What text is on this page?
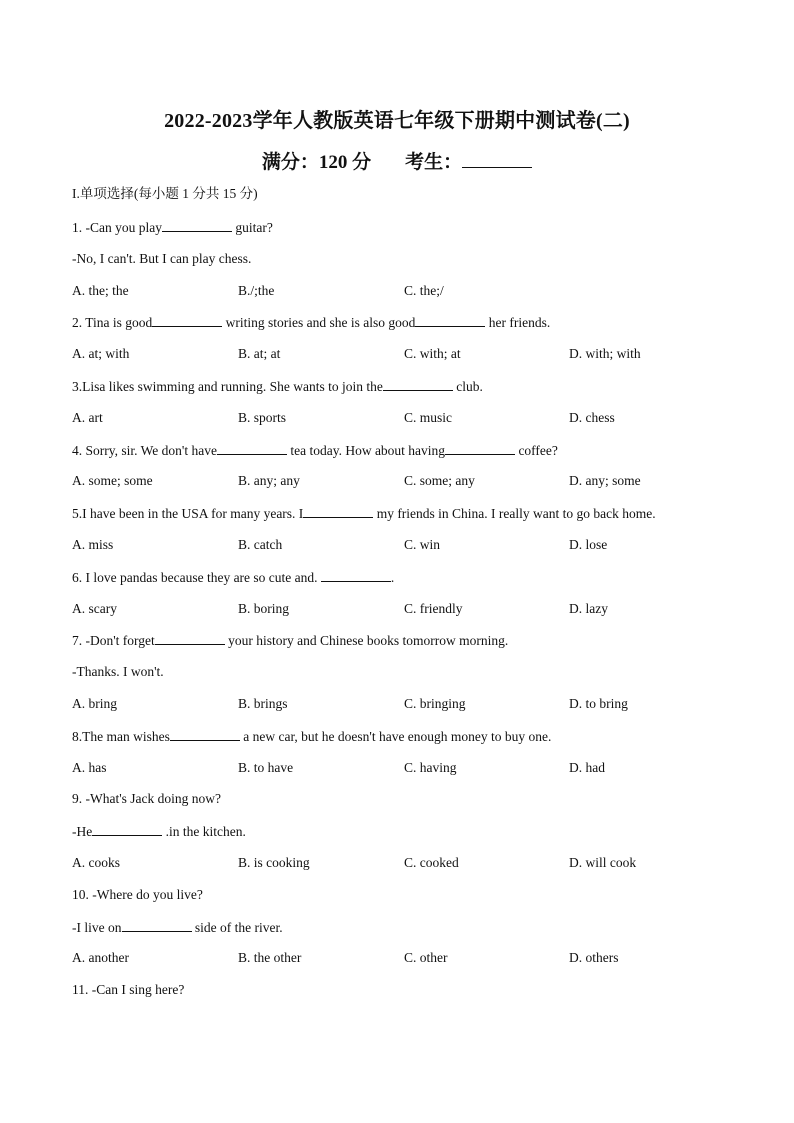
2022-2023学年人教版英语七年级下册期中测试卷(二)
满分：120 分 考生：
I.单项选择(每小题 1 分共 15 分)
1. -Can you play	guitar?
-No, I can't. But I can play chess.
A. the; the	B./;the	C. the;/
2. Tina is good	writing stories and she is also good	her friends.
A. at; with	B. at; at	C. with; at	D. with; with
3.Lisa likes swimming and running. She wants to join the	club.
A. art	B. sports	C. music	D. chess
4. Sorry, sir. We don't have	tea today. How about having	coffee?
A. some; some	B. any; any	C. some; any	D. any; some
5.I have been in the USA for many years. I	my friends in China. I really want to go back home.
A. miss	B. catch	C. win	D. lose
6. I love pandas because they are so cute and.	.
A. scary	B. boring	C. friendly	D. lazy
7. -Don't forget	your history and Chinese books tomorrow morning.
-Thanks. I won't.
A. bring	B. brings	C. bringing	D. to bring
8.The man wishes	a new car, but he doesn't have enough money to buy one.
A. has	B. to have	C. having	D. had
9. -What's Jack doing now?
-He	.in the kitchen.
A. cooks	B. is cooking	C. cooked	D. will cook
10. -Where do you live?
-I live on	side of the river.
A. another	B. the other	C. other	D. others
11. -Can I sing here?
